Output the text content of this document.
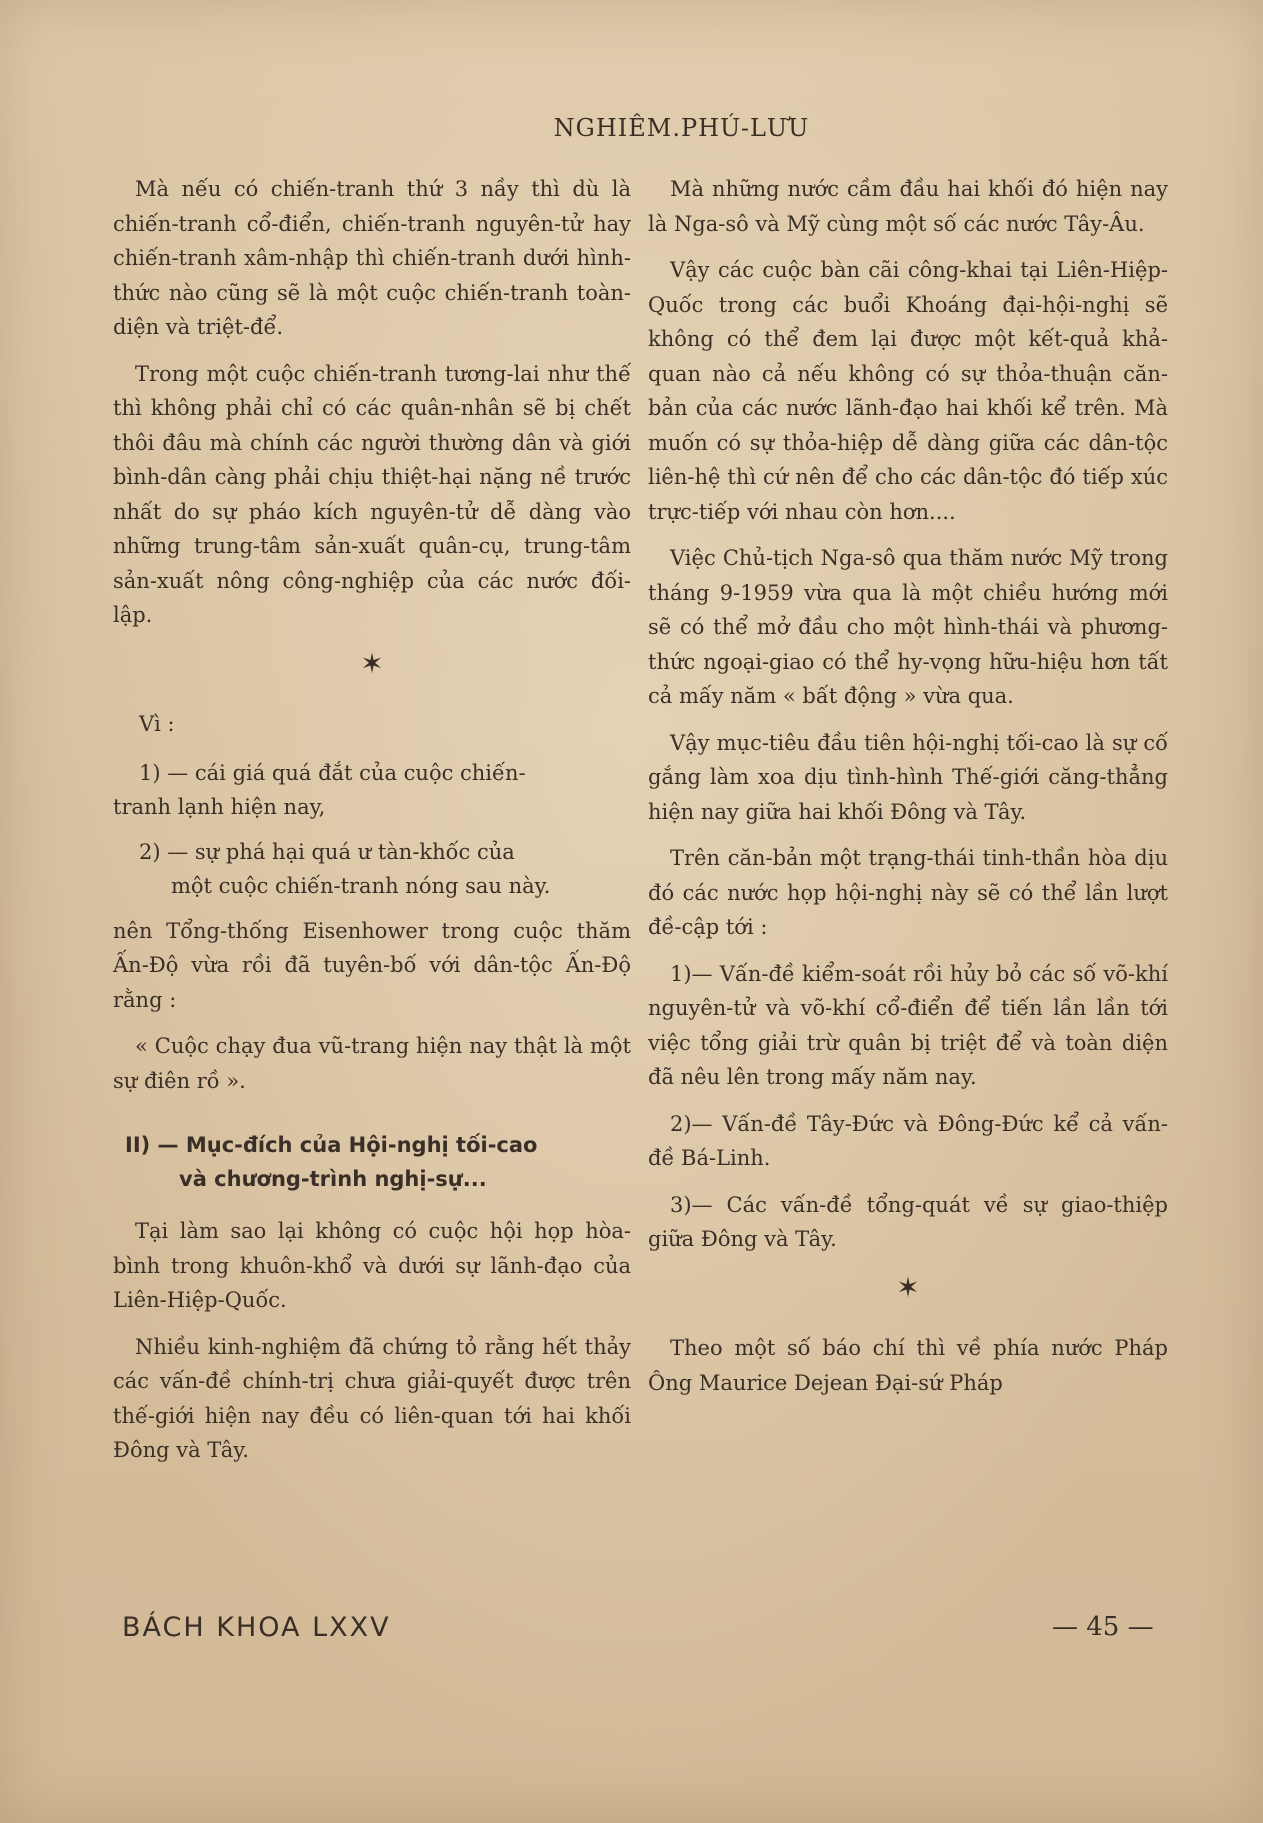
NGHIÊM.PHÚ-LƯU

Mà nếu có chiến-tranh thứ 3 nầy thì dù là chiến-tranh cổ-điển, chiến-tranh nguyên-tử hay chiến-tranh xâm-nhập thì chiến-tranh dưới hình-thức nào cũng sẽ là một cuộc chiến-tranh toàn-diện và triệt-để.

Trong một cuộc chiến-tranh tương-lai như thế thì không phải chỉ có các quân-nhân sẽ bị chết thôi đâu mà chính các người thường dân và giới bình-dân càng phải chịu thiệt-hại nặng nề trước nhất do sự pháo kích nguyên-tử dễ dàng vào những trung-tâm sản-xuất quân-cụ, trung-tâm sản-xuất nông công-nghiệp của các nước đối-lập.

✶
Vì :
1) — cái giá quá đắt của cuộc chiến-
tranh lạnh hiện nay,
2) — sự phá hại quá ư tàn-khốc của
một cuộc chiến-tranh nóng sau này.

nên Tổng-thống Eisenhower trong cuộc thăm Ấn-Độ vừa rồi đã tuyên-bố với dân-tộc Ấn-Độ rằng :

« Cuộc chạy đua vũ-trang hiện nay thật là một sự điên rồ ».

II) — Mục-đích của Hội-nghị tối-cao
và chương-trình nghị-sự...

Tại làm sao lại không có cuộc hội họp hòa-bình trong khuôn-khổ và dưới sự lãnh-đạo của Liên-Hiệp-Quốc.

Nhiều kinh-nghiệm đã chứng tỏ rằng hết thảy các vấn-đề chính-trị chưa giải-quyết được trên thế-giới hiện nay đều có liên-quan tới hai khối Đông và Tây.

Mà những nước cầm đầu hai khối đó hiện nay là Nga-sô và Mỹ cùng một số các nước Tây-Âu.

Vậy các cuộc bàn cãi công-khai tại Liên-Hiệp-Quốc trong các buổi Khoáng đại-hội-nghị sẽ không có thể đem lại được một kết-quả khả-quan nào cả nếu không có sự thỏa-thuận căn-bản của các nước lãnh-đạo hai khối kể trên. Mà muốn có sự thỏa-hiệp dễ dàng giữa các dân-tộc liên-hệ thì cứ nên để cho các dân-tộc đó tiếp xúc trực-tiếp với nhau còn hơn....

Việc Chủ-tịch Nga-sô qua thăm nước Mỹ trong tháng 9-1959 vừa qua là một chiều hướng mới sẽ có thể mở đầu cho một hình-thái và phương-thức ngoại-giao có thể hy-vọng hữu-hiệu hơn tất cả mấy năm « bất động » vừa qua.

Vậy mục-tiêu đầu tiên hội-nghị tối-cao là sự cố gắng làm xoa dịu tình-hình Thế-giới căng-thẳng hiện nay giữa hai khối Đông và Tây.

Trên căn-bản một trạng-thái tinh-thần hòa dịu đó các nước họp hội-nghị này sẽ có thể lần lượt đề-cập tới :

1)— Vấn-đề kiểm-soát rồi hủy bỏ các số võ-khí nguyên-tử và võ-khí cổ-điển để tiến lần lần tới việc tổng giải trừ quân bị triệt để và toàn diện đã nêu lên trong mấy năm nay.

2)— Vấn-đề Tây-Đức và Đông-Đức kể cả vấn-đề Bá-Linh.

3)— Các vấn-đề tổng-quát về sự giao-thiệp giữa Đông và Tây.

✶

Theo một số báo chí thì về phía nước Pháp Ông Maurice Dejean Đại-sứ Pháp

BÁCH KHOA LXXV	— 45 —
